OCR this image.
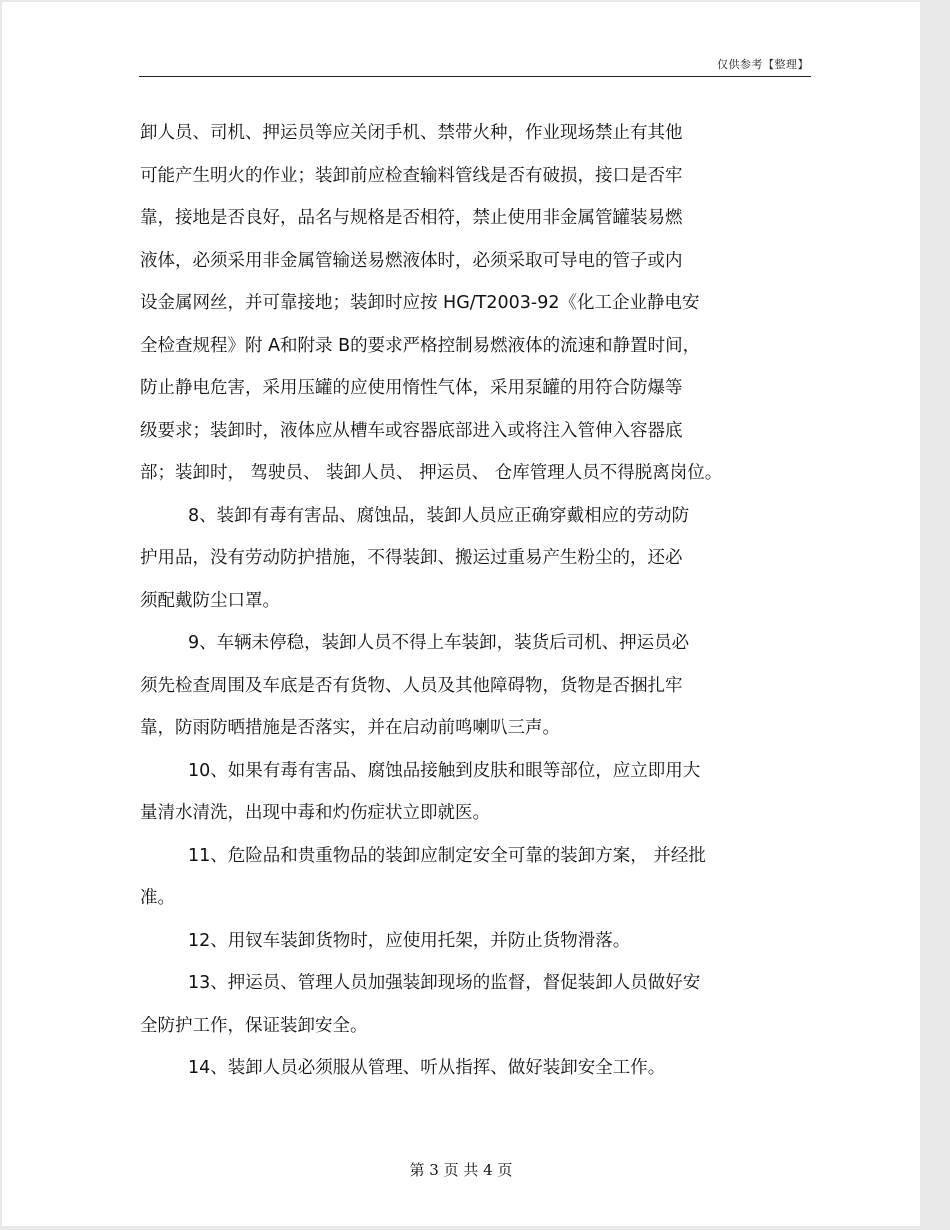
仅供参考【整理】
卸人员、司机、押运员等应关闭手机、禁带火种，作业现场禁止有其他
可能产生明火的作业；装卸前应检查输料管线是否有破损，接口是否牢
靠，接地是否良好，品名与规格是否相符，禁止使用非金属管罐装易燃
液体，必须采用非金属管输送易燃液体时，必须采取可导电的管子或内
设金属网丝，并可靠接地；装卸时应按 HG/T2003-92《化工企业静电安
全检查规程》附 A和附录 B的要求严格控制易燃液体的流速和静置时间，
防止静电危害，采用压罐的应使用惰性气体，采用泵罐的用符合防爆等
级要求；装卸时，液体应从槽车或容器底部进入或将注入管伸入容器底
部；装卸时， 驾驶员、 装卸人员、 押运员、 仓库管理人员不得脱离岗位。
8、装卸有毒有害品、腐蚀品，装卸人员应正确穿戴相应的劳动防
护用品，没有劳动防护措施，不得装卸、搬运过重易产生粉尘的，还必
须配戴防尘口罩。
9、车辆未停稳，装卸人员不得上车装卸，装货后司机、押运员必
须先检查周围及车底是否有货物、人员及其他障碍物，货物是否捆扎牢
靠，防雨防晒措施是否落实，并在启动前鸣喇叭三声。
10、如果有毒有害品、腐蚀品接触到皮肤和眼等部位，应立即用大
量清水清洗，出现中毒和灼伤症状立即就医。
11、危险品和贵重物品的装卸应制定安全可靠的装卸方案， 并经批
准。
12、用钗车装卸货物时，应使用托架，并防止货物滑落。
13、押运员、管理人员加强装卸现场的监督，督促装卸人员做好安
全防护工作，保证装卸安全。
14、装卸人员必须服从管理、听从指挥、做好装卸安全工作。
第 3 页 共 4 页
